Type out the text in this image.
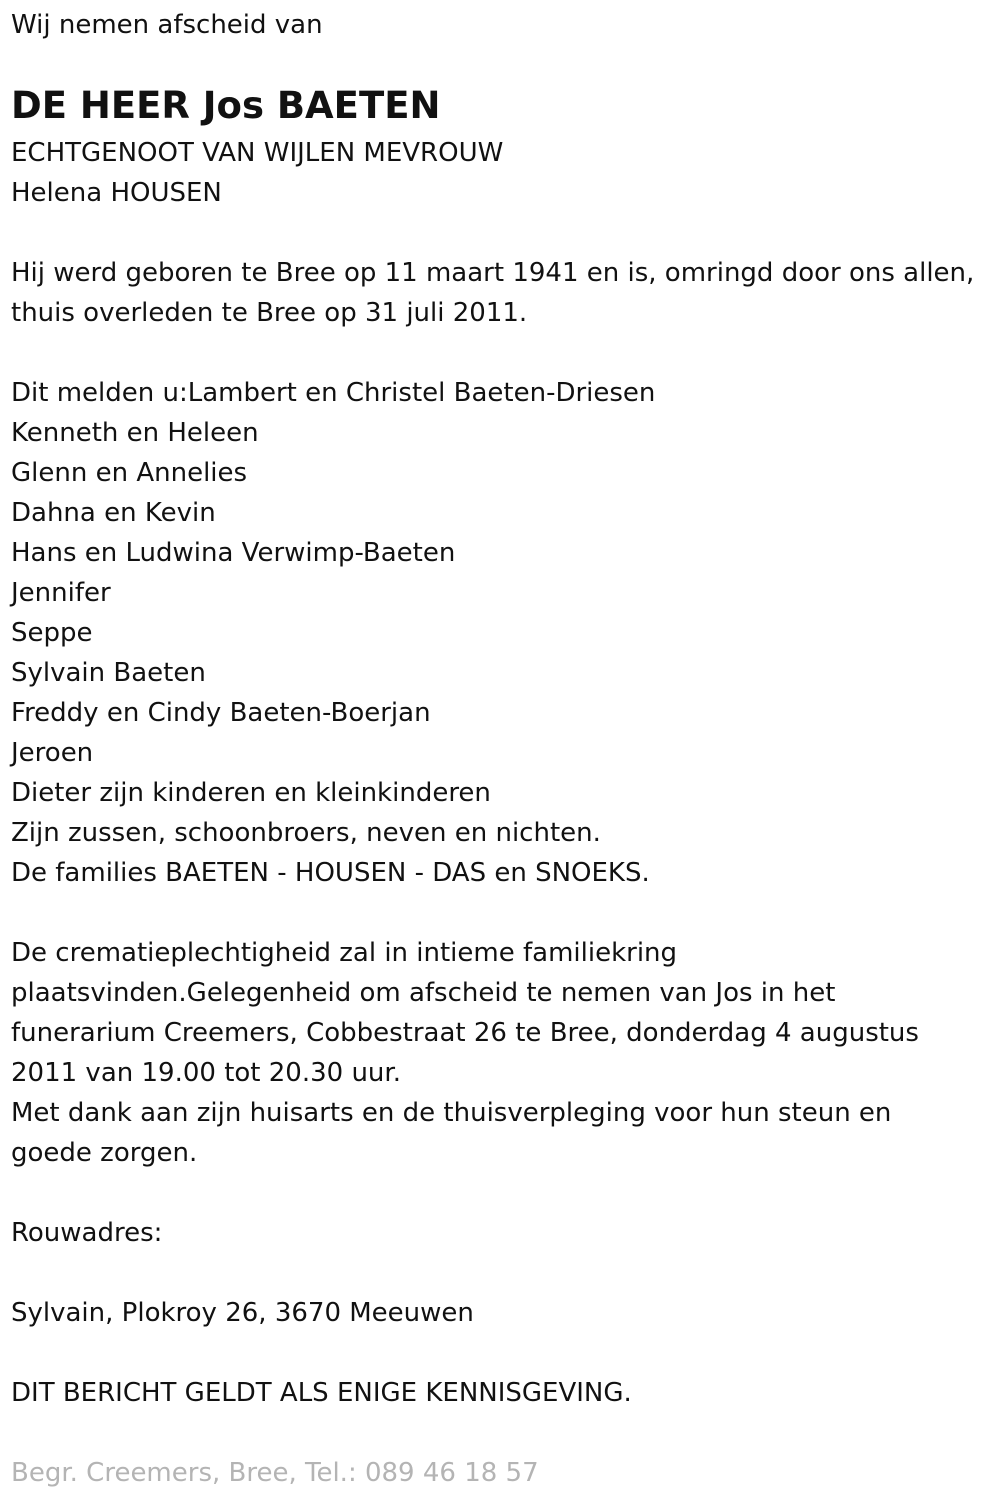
Wij nemen afscheid van
DE HEER Jos BAETEN
ECHTGENOOT VAN WIJLEN MEVROUW
Helena HOUSEN
Hij werd geboren te Bree op 11 maart 1941 en is, omringd door ons allen,
thuis overleden te Bree op 31 juli 2011.
Dit melden u:Lambert en Christel Baeten-Driesen
Kenneth en Heleen
Glenn en Annelies
Dahna en Kevin
Hans en Ludwina Verwimp-Baeten
Jennifer
Seppe
Sylvain Baeten
Freddy en Cindy Baeten-Boerjan
Jeroen
Dieter zijn kinderen en kleinkinderen
Zijn zussen, schoonbroers, neven en nichten.
De families BAETEN - HOUSEN - DAS en SNOEKS.
De crematieplechtigheid zal in intieme familiekring
plaatsvinden.Gelegenheid om afscheid te nemen van Jos in het
funerarium Creemers, Cobbestraat 26 te Bree, donderdag 4 augustus
2011 van 19.00 tot 20.30 uur.
Met dank aan zijn huisarts en de thuisverpleging voor hun steun en
goede zorgen.
Rouwadres:
Sylvain, Plokroy 26, 3670 Meeuwen
DIT BERICHT GELDT ALS ENIGE KENNISGEVING.
Begr. Creemers, Bree, Tel.: 089 46 18 57
